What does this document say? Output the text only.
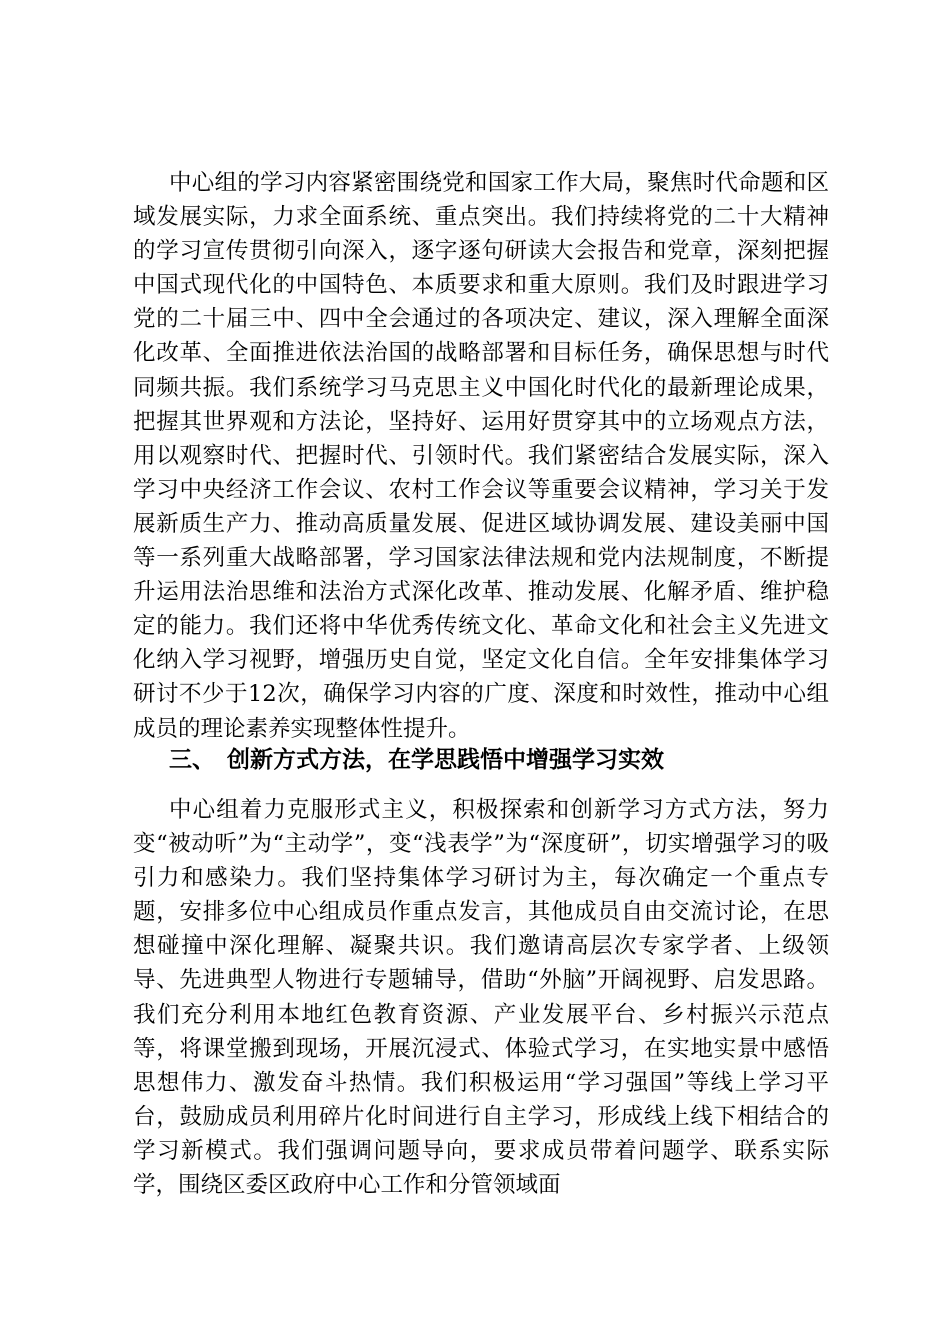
中心组的学习内容紧密围绕党和国家工作大局，聚焦时代命题和区域发展实际，力求全面系统、重点突出。我们持续将党的二十大精神的学习宣传贯彻引向深入，逐字逐句研读大会报告和党章，深刻把握中国式现代化的中国特色、本质要求和重大原则。我们及时跟进学习党的二十届三中、四中全会通过的各项决定、建议，深入理解全面深化改革、全面推进依法治国的战略部署和目标任务，确保思想与时代同频共振。我们系统学习马克思主义中国化时代化的最新理论成果，把握其世界观和方法论，坚持好、运用好贯穿其中的立场观点方法，用以观察时代、把握时代、引领时代。我们紧密结合发展实际，深入学习中央经济工作会议、农村工作会议等重要会议精神，学习关于发展新质生产力、推动高质量发展、促进区域协调发展、建设美丽中国等一系列重大战略部署，学习国家法律法规和党内法规制度，不断提升运用法治思维和法治方式深化改革、推动发展、化解矛盾、维护稳定的能力。我们还将中华优秀传统文化、革命文化和社会主义先进文化纳入学习视野，增强历史自觉，坚定文化自信。全年安排集体学习研讨不少于12次，确保学习内容的广度、深度和时效性，推动中心组成员的理论素养实现整体性提升。

三、 创新方式方法，在学思践悟中增强学习实效

中心组着力克服形式主义，积极探索和创新学习方式方法，努力变“被动听”为“主动学”，变“浅表学”为“深度研”，切实增强学习的吸引力和感染力。我们坚持集体学习研讨为主，每次确定一个重点专题，安排多位中心组成员作重点发言，其他成员自由交流讨论，在思想碰撞中深化理解、凝聚共识。我们邀请高层次专家学者、上级领导、先进典型人物进行专题辅导，借助“外脑”开阔视野、启发思路。我们充分利用本地红色教育资源、产业发展平台、乡村振兴示范点等，将课堂搬到现场，开展沉浸式、体验式学习，在实地实景中感悟思想伟力、激发奋斗热情。我们积极运用“学习强国”等线上学习平台，鼓励成员利用碎片化时间进行自主学习，形成线上线下相结合的学习新模式。我们强调问题导向，要求成员带着问题学、联系实际学，围绕区委区政府中心工作和分管领域面
